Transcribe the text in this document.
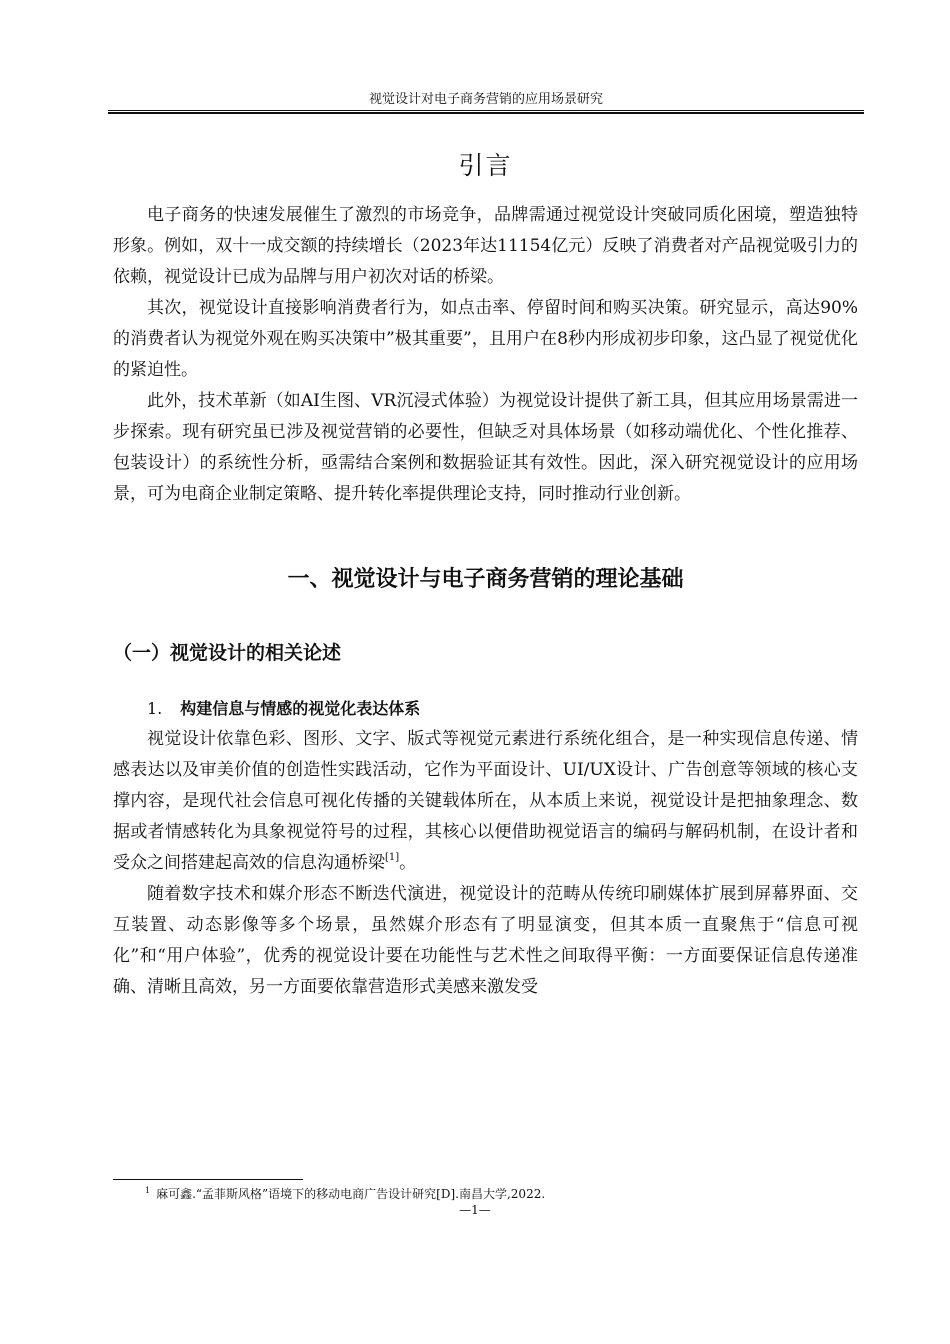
视觉设计对电子商务营销的应用场景研究
引言

电子商务的快速发展催生了激烈的市场竞争，品牌需通过视觉设计突破同质化困境，塑造独特形象。例如，双十一成交额的持续增长（2023年达11154亿元）反映了消费者对产品视觉吸引力的依赖，视觉设计已成为品牌与用户初次对话的桥梁。

其次，视觉设计直接影响消费者行为，如点击率、停留时间和购买决策。研究显示，高达90%的消费者认为视觉外观在购买决策中”极其重要”，且用户在8秒内形成初步印象，这凸显了视觉优化的紧迫性。

此外，技术革新（如AI生图、VR沉浸式体验）为视觉设计提供了新工具，但其应用场景需进一步探索。现有研究虽已涉及视觉营销的必要性，但缺乏对具体场景（如移动端优化、个性化推荐、包装设计）的系统性分析，亟需结合案例和数据验证其有效性。因此，深入研究视觉设计的应用场景，可为电商企业制定策略、提升转化率提供理论支持，同时推动行业创新。

一、视觉设计与电子商务营销的理论基础
（一）视觉设计的相关论述
1. 构建信息与情感的视觉化表达体系

视觉设计依靠色彩、图形、文字、版式等视觉元素进行系统化组合，是一种实现信息传递、情感表达以及审美价值的创造性实践活动，它作为平面设计、UI/UX设计、广告创意等领域的核心支撑内容，是现代社会信息可视化传播的关键载体所在，从本质上来说，视觉设计是把抽象理念、数据或者情感转化为具象视觉符号的过程，其核心以便借助视觉语言的编码与解码机制，在设计者和受众之间搭建起高效的信息沟通桥梁[1]。

随着数字技术和媒介形态不断迭代演进，视觉设计的范畴从传统印刷媒体扩展到屏幕界面、交互装置、动态影像等多个场景，虽然媒介形态有了明显演变，但其本质一直聚焦于“信息可视化”和“用户体验”，优秀的视觉设计要在功能性与艺术性之间取得平衡：一方面要保证信息传递准确、清晰且高效，另一方面要依靠营造形式美感来激发受

$^1$ 麻可鑫.“孟菲斯风格”语境下的移动电商广告设计研究[D].南昌大学,2022.
—1—
